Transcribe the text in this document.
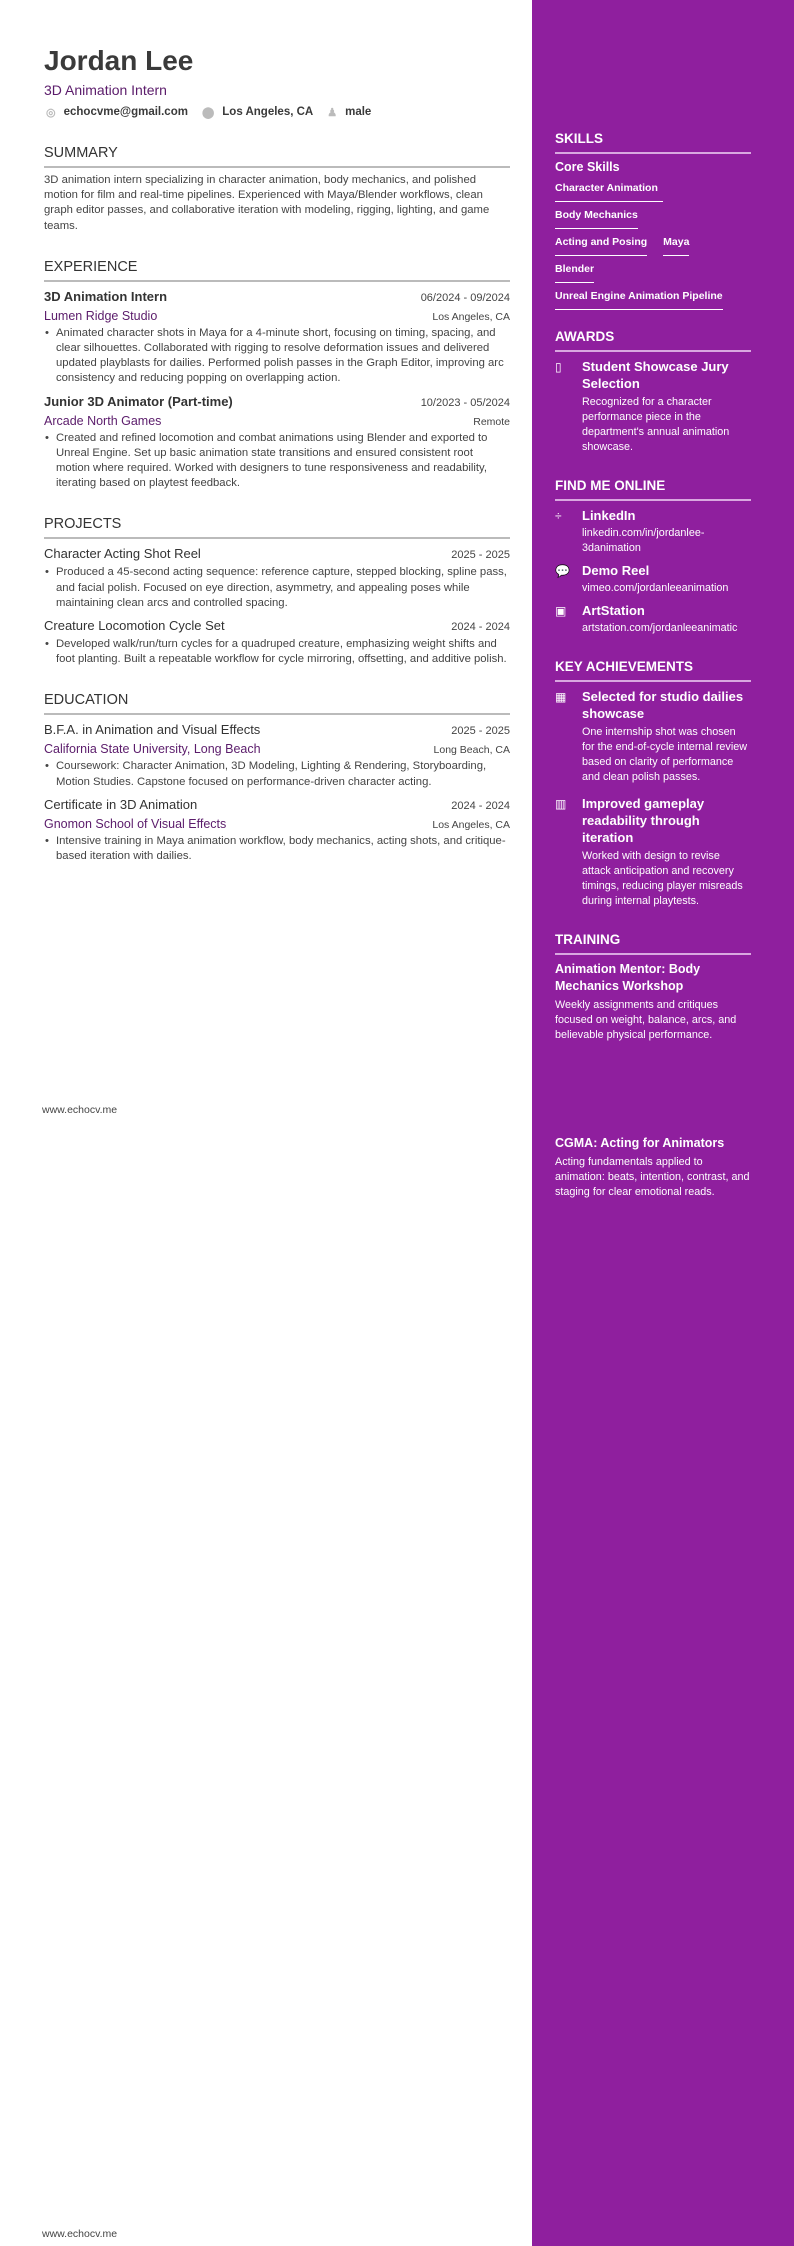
Jordan Lee
3D Animation Intern
◎ echocvme@gmail.com ⬤ Los Angeles, CA ♟ male
SUMMARY
3D animation intern specializing in character animation, body mechanics, and polished motion for film and real-time pipelines. Experienced with Maya/Blender workflows, clean graph editor passes, and collaborative iteration with modeling, rigging, lighting, and game teams.
EXPERIENCE
3D Animation Intern	06/2024 - 09/2024
Lumen Ridge Studio	Los Angeles, CA
• Animated character shots in Maya for a 4-minute short, focusing on timing, spacing, and clear silhouettes. Collaborated with rigging to resolve deformation issues and delivered updated playblasts for dailies. Performed polish passes in the Graph Editor, improving arc consistency and reducing popping on overlapping action.
Junior 3D Animator (Part-time)	10/2023 - 05/2024
Arcade North Games	Remote
• Created and refined locomotion and combat animations using Blender and exported to Unreal Engine. Set up basic animation state transitions and ensured consistent root motion where required. Worked with designers to tune responsiveness and readability, iterating based on playtest feedback.
PROJECTS
Character Acting Shot Reel	2025 - 2025
• Produced a 45-second acting sequence: reference capture, stepped blocking, spline pass, and facial polish. Focused on eye direction, asymmetry, and appealing poses while maintaining clean arcs and controlled spacing.
Creature Locomotion Cycle Set	2024 - 2024
• Developed walk/run/turn cycles for a quadruped creature, emphasizing weight shifts and foot planting. Built a repeatable workflow for cycle mirroring, offsetting, and additive polish.
EDUCATION
B.F.A. in Animation and Visual Effects	2025 - 2025
California State University, Long Beach	Long Beach, CA
• Coursework: Character Animation, 3D Modeling, Lighting & Rendering, Storyboarding, Motion Studies. Capstone focused on performance-driven character acting.
Certificate in 3D Animation	2024 - 2024
Gnomon School of Visual Effects	Los Angeles, CA
• Intensive training in Maya animation workflow, body mechanics, acting shots, and critique-based iteration with dailies.
www.echocv.me
www.echocv.me
SKILLS
Core Skills
Character Animation
Body Mechanics
Acting and Posing Maya
Blender
Unreal Engine Animation Pipeline
AWARDS
▯	Student Showcase Jury Selection
Recognized for a character performance piece in the department's annual animation showcase.
FIND ME ONLINE
÷	LinkedIn
linkedin.com/in/jordanlee-3danimation
💬 Demo Reel
vimeo.com/jordanleeanimation
▣	ArtStation
artstation.com/jordanleeanimatic
KEY ACHIEVEMENTS
▦	Selected for studio dailies showcase
One internship shot was chosen for the end-of-cycle internal review based on clarity of performance and clean polish passes.
▥	Improved gameplay readability through iteration
Worked with design to revise attack anticipation and recovery timings, reducing player misreads during internal playtests.
TRAINING
Animation Mentor: Body Mechanics Workshop
Weekly assignments and critiques focused on weight, balance, arcs, and believable physical performance.
CGMA: Acting for Animators
Acting fundamentals applied to animation: beats, intention, contrast, and staging for clear emotional reads.
